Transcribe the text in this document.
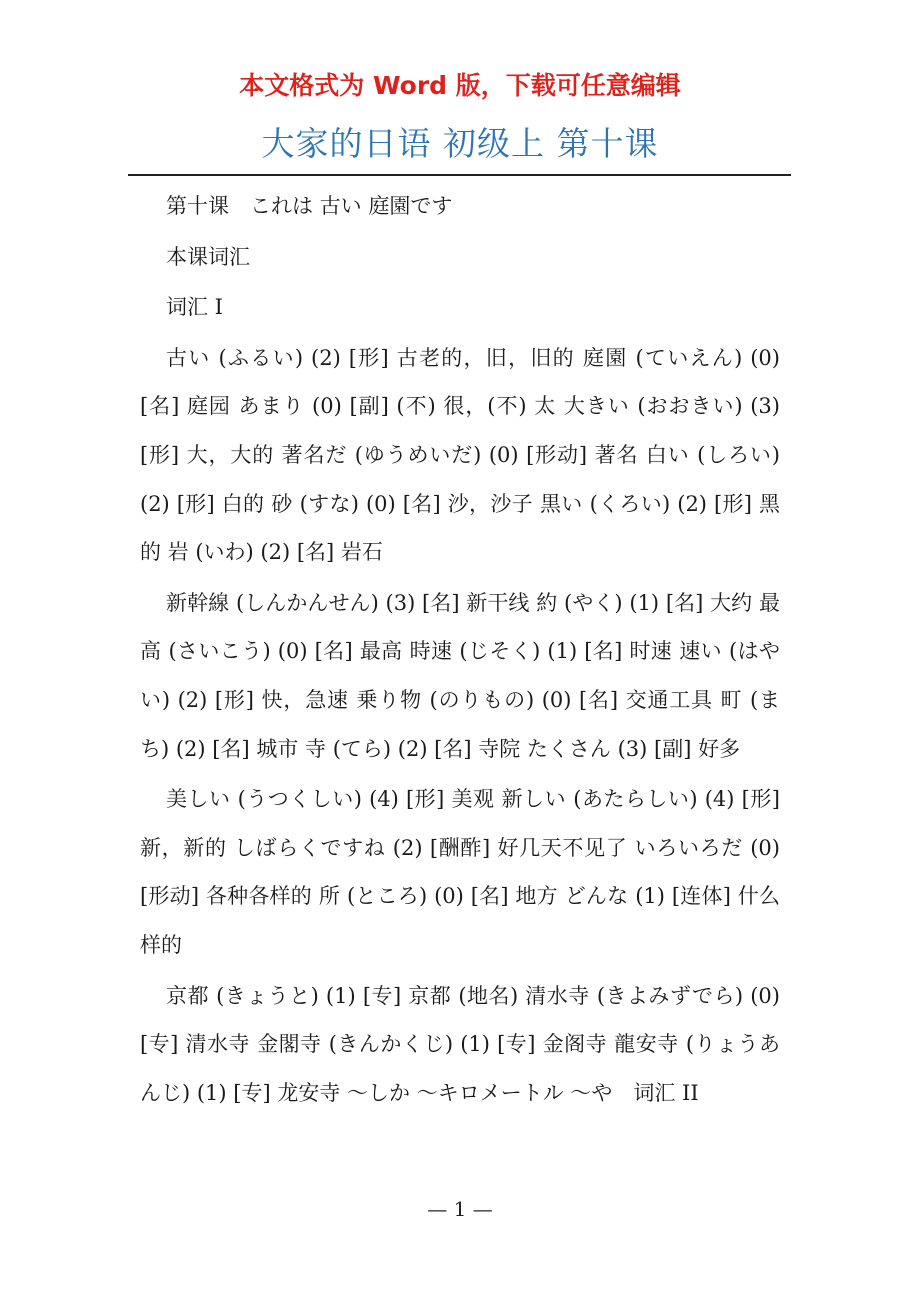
本文格式为 Word 版，下载可任意编辑

大家的日语 初级上 第十课

第十课　これは 古い 庭園です

本课词汇

词汇 I

古い (ふるい) (2) [形] 古老的，旧，旧的 庭園 (ていえん) (0) [名] 庭园 あまり (0) [副] (不) 很，(不) 太 大きい (おおきい) (3) [形] 大，大的 著名だ (ゆうめいだ) (0) [形动] 著名 白い (しろい) (2) [形] 白的 砂 (すな) (0) [名] 沙，沙子 黒い (くろい) (2) [形] 黑的 岩 (いわ) (2) [名] 岩石

新幹線 (しんかんせん) (3) [名] 新干线 約 (やく) (1) [名] 大约 最高 (さいこう) (0) [名] 最高 時速 (じそく) (1) [名] 时速 速い (はやい) (2) [形] 快，急速 乗り物 (のりもの) (0) [名] 交通工具 町 (まち) (2) [名] 城市 寺 (てら) (2) [名] 寺院 たくさん (3) [副] 好多

美しい (うつくしい) (4) [形] 美观 新しい (あたらしい) (4) [形] 新，新的 しばらくですね (2) [酬酢] 好几天不见了 いろいろだ (0) [形动] 各种各样的 所 (ところ) (0) [名] 地方 どんな (1) [连体] 什么样的

京都 (きょうと) (1) [专] 京都 (地名) 清水寺 (きよみずでら) (0) [专] 清水寺 金閣寺 (きんかくじ) (1) [专] 金阁寺 龍安寺 (りょうあんじ) (1) [专] 龙安寺 ～しか ～キロメートル ～や　词汇 II

— 1 —
